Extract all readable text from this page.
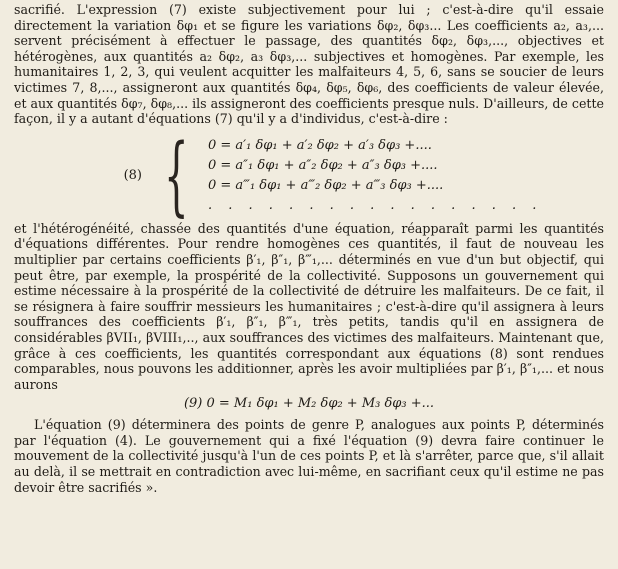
sacrifié. L'expression (7) existe subjectivement pour lui ; c'est-à-dire qu'il essaie directement la variation δφ₁ et se figure les variations δφ₂, δφ₃... Les coefficients a₂, a₃,... servent précisément à effectuer le passage, des quantités δφ₂, δφ₃,..., objectives et hétérogènes, aux quantités a₂ δφ₂, a₃ δφ₃,... subjectives et homogènes. Par exemple, les humanitaires 1, 2, 3, qui veulent acquitter les malfaiteurs 4, 5, 6, sans se soucier de leurs victimes 7, 8,..., assigneront aux quantités δφ₄, δφ₅, δφ₆, des coefficients de valeur élevée, et aux quantités δφ₇, δφ₈,... ils assigneront des coefficients presque nuls. D'ailleurs, de cette façon, il y a autant d'équations (7) qu'il y a d'individus, c'est-à-dire :

(8) { 0 = a′₁ δφ₁ + a′₂ δφ₂ + a′₃ δφ₃ +....
0 = a″₁ δφ₁ + a″₂ δφ₂ + a″₃ δφ₃ +....
0 = a‴₁ δφ₁ + a‴₂ δφ₂ + a‴₃ δφ₃ +....
. . . . . . . . . . . . . . . . .

et l'hétérogénéité, chassée des quantités d'une équation, réapparaît parmi les quantités d'équations différentes. Pour rendre homogènes ces quantités, il faut de nouveau les multiplier par certains coefficients β′₁, β″₁, β‴₁,... déterminés en vue d'un but objectif, qui peut être, par exemple, la prospérité de la collectivité. Supposons un gouvernement qui estime nécessaire à la prospérité de la collectivité de détruire les malfaiteurs. De ce fait, il se résignera à faire souffrir messieurs les humanitaires ; c'est-à-dire qu'il assignera à leurs souffrances des coefficients β′₁, β″₁, β‴₁, très petits, tandis qu'il en assignera de considérables βVII₁, βVIII₁,.., aux souffrances des victimes des malfaiteurs. Maintenant que, grâce à ces coefficients, les quantités correspondant aux équations (8) sont rendues comparables, nous pouvons les additionner, après les avoir multipliées par β′₁, β″₁,... et nous aurons

(9) 0 = M₁ δφ₁ + M₂ δφ₂ + M₃ δφ₃ +...

L'équation (9) déterminera des points de genre P, analogues aux points P, déterminés par l'équation (4). Le gouvernement qui a fixé l'équation (9) devra faire continuer le mouvement de la collectivité jusqu'à l'un de ces points P, et là s'arrêter, parce que, s'il allait au delà, il se mettrait en contradiction avec lui-même, en sacrifiant ceux qu'il estime ne pas devoir être sacrifiés ».
